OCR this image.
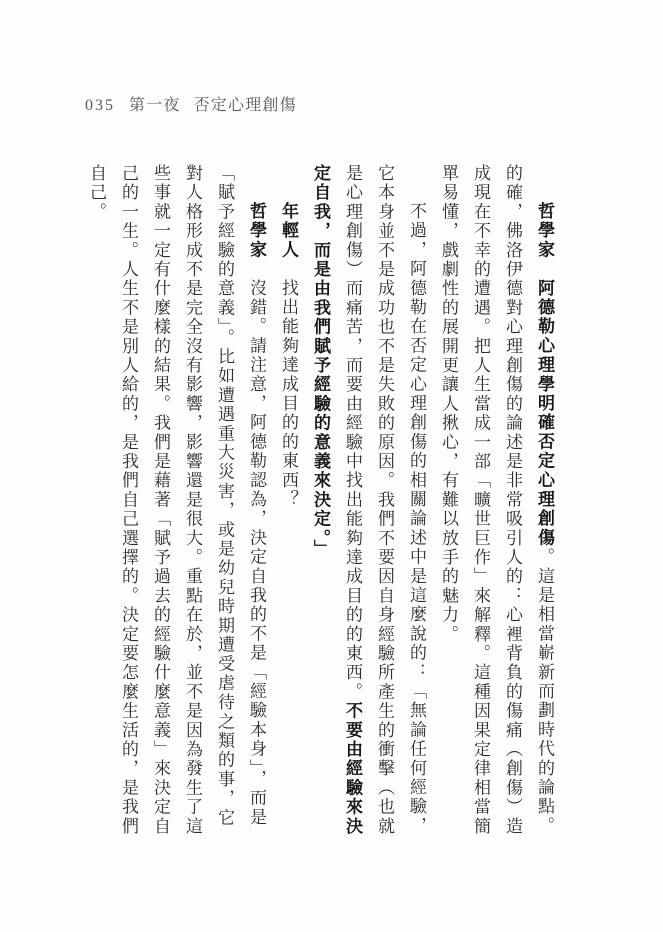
035 第一夜 否定心理創傷

哲學家　阿德勒心理學明確否定心理創傷。這是相當嶄新而劃時代的論點。

的確，佛洛伊德對心理創傷的論述是非常吸引人的：心裡背負的傷痛（創傷）造成現在不幸的遭遇。把人生當成一部「曠世巨作」來解釋。這種因果定律相當簡單易懂，戲劇性的展開更讓人揪心，有難以放手的魅力。

不過，阿德勒在否定心理創傷的相關論述中是這麼說的：「無論任何經驗，它本身並不是成功也不是失敗的原因。我們不要因自身經驗所產生的衝擊（也就是心理創傷）而痛苦，而要由經驗中找出能夠達成目的的東西。不要由經驗來決定自我，而是由我們賦予經驗的意義來決定。」

年輕人　找出能夠達成目的的東西？

哲學家　沒錯。請注意，阿德勒認為，決定自我的不是「經驗本身」，而是「賦予經驗的意義」。比如遭遇重大災害，或是幼兒時期遭受虐待之類的事，它對人格形成不是完全沒有影響，影響還是很大。重點在於，並不是因為發生了這些事就一定有什麼樣的結果。我們是藉著「賦予過去的經驗什麼意義」來決定自己的一生。人生不是別人給的，是我們自己選擇的。決定要怎麼生活的，是我們自己。
